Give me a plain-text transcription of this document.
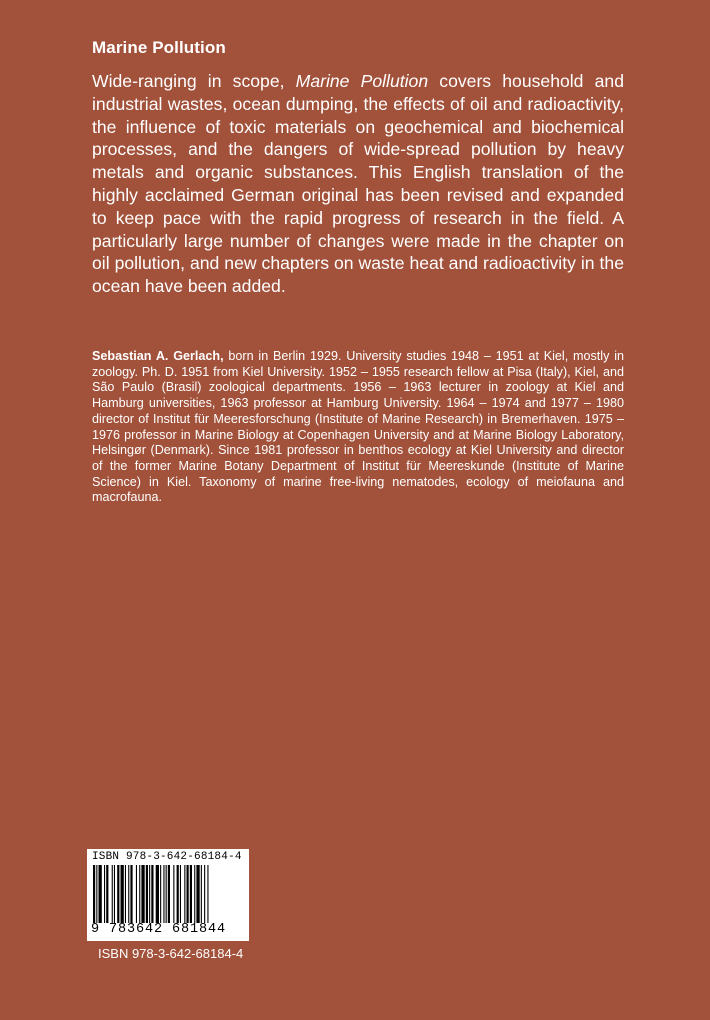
Marine Pollution

Wide-ranging in scope, Marine Pollution covers household and industrial wastes, ocean dumping, the effects of oil and radioactivity, the influence of toxic materials on geochemical and biochemical processes, and the dangers of wide-spread pollution by heavy metals and organic substances. This English translation of the highly acclaimed German original has been revised and expanded to keep pace with the rapid progress of research in the field. A particularly large number of changes were made in the chapter on oil pollution, and new chapters on waste heat and radioactivity in the ocean have been added.

Sebastian A. Gerlach, born in Berlin 1929. University studies 1948 – 1951 at Kiel, mostly in zoology. Ph. D. 1951 from Kiel University. 1952 – 1955 research fellow at Pisa (Italy), Kiel, and São Paulo (Brasil) zoological departments. 1956 – 1963 lecturer in zoology at Kiel and Hamburg universities, 1963 professor at Hamburg University. 1964 – 1974 and 1977 – 1980 director of Institut für Meeresforschung (Institute of Marine Research) in Bremerhaven. 1975 – 1976 professor in Marine Biology at Copenhagen University and at Marine Biology Laboratory, Helsingør (Denmark). Since 1981 professor in benthos ecology at Kiel University and director of the former Marine Botany Department of Institut für Meereskunde (Institute of Marine Science) in Kiel. Taxonomy of marine free-living nematodes, ecology of meiofauna and macrofauna.

ISBN 978-3-642-68184-4
9 783642 681844
ISBN 978-3-642-68184-4
